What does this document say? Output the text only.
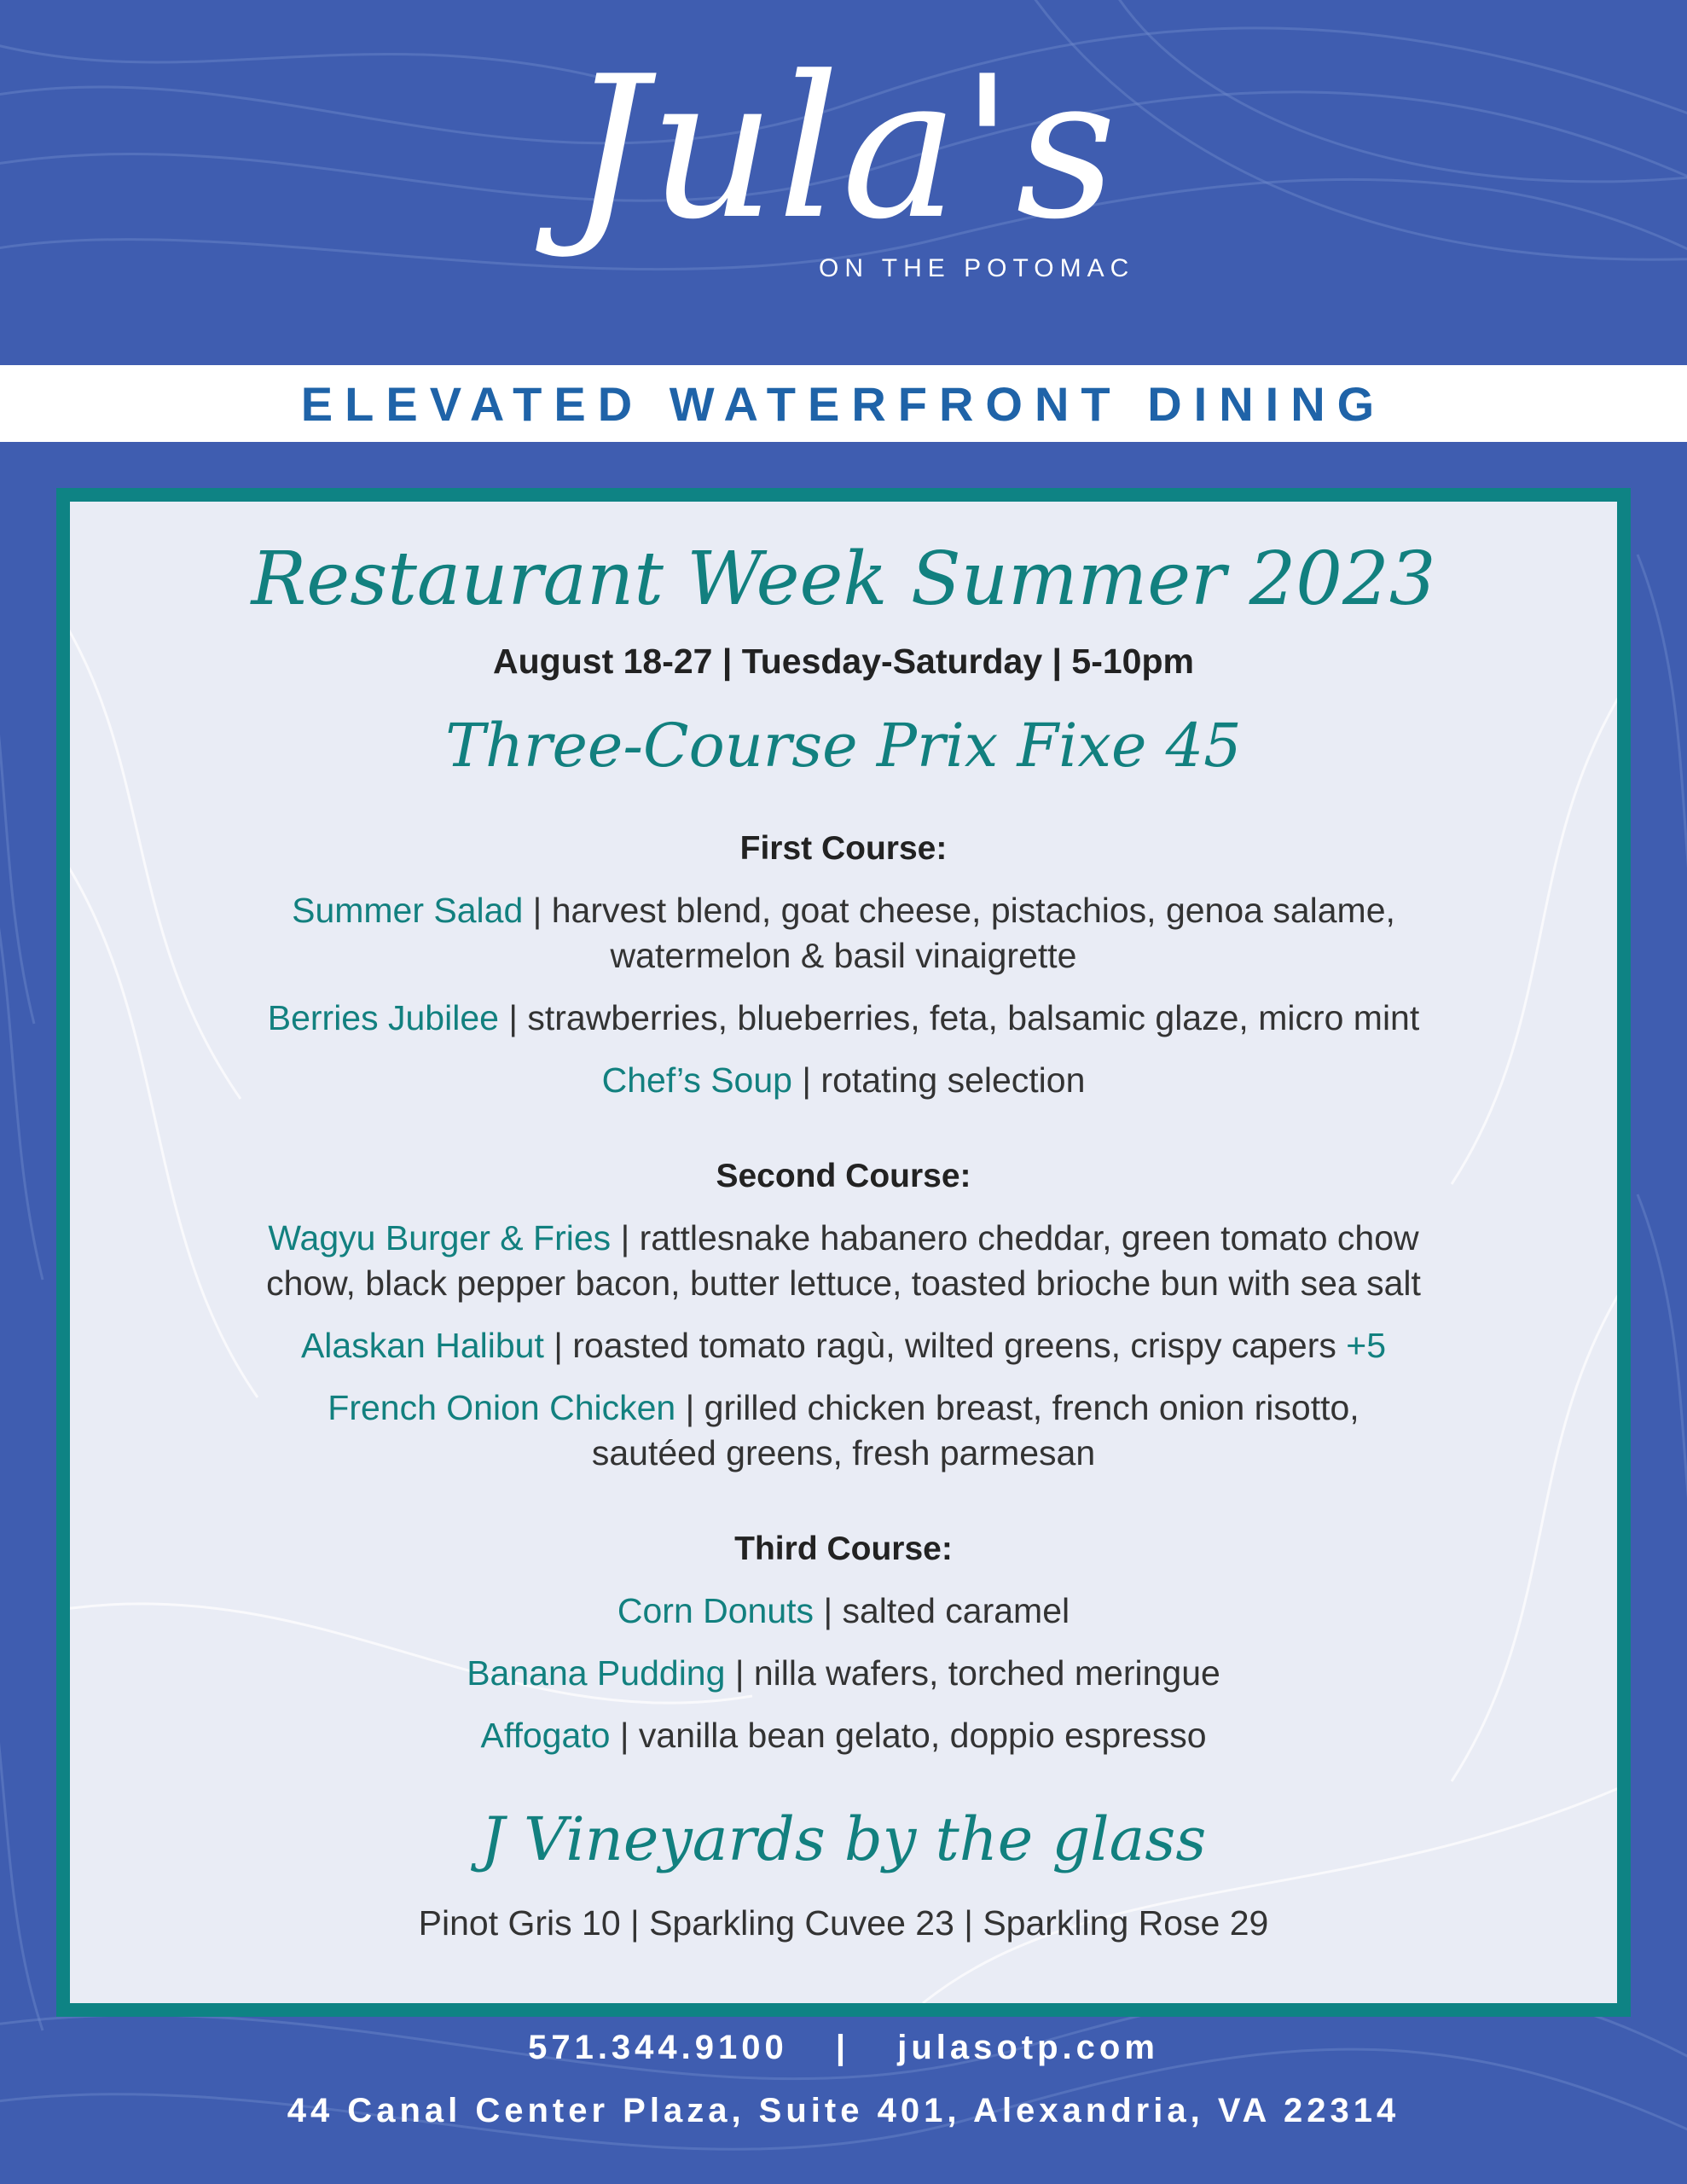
Jula's
ON THE POTOMAC
ELEVATED WATERFRONT DINING
Restaurant Week Summer 2023
August 18-27 | Tuesday-Saturday | 5-10pm
Three-Course Prix Fixe 45
First Course:
Summer Salad | harvest blend, goat cheese, pistachios, genoa salame,
watermelon & basil vinaigrette
Berries Jubilee | strawberries, blueberries, feta, balsamic glaze, micro mint
Chef’s Soup | rotating selection
Second Course:
Wagyu Burger & Fries | rattlesnake habanero cheddar, green tomato chow
chow, black pepper bacon, butter lettuce, toasted brioche bun with sea salt
Alaskan Halibut | roasted tomato ragù, wilted greens, crispy capers +5
French Onion Chicken | grilled chicken breast, french onion risotto,
sautéed greens, fresh parmesan
Third Course:
Corn Donuts | salted caramel
Banana Pudding | nilla wafers, torched meringue
Affogato | vanilla bean gelato, doppio espresso
J Vineyards by the glass
Pinot Gris 10 | Sparkling Cuvee 23 | Sparkling Rose 29
571.344.9100 | julasotp.com
44 Canal Center Plaza, Suite 401, Alexandria, VA 22314
